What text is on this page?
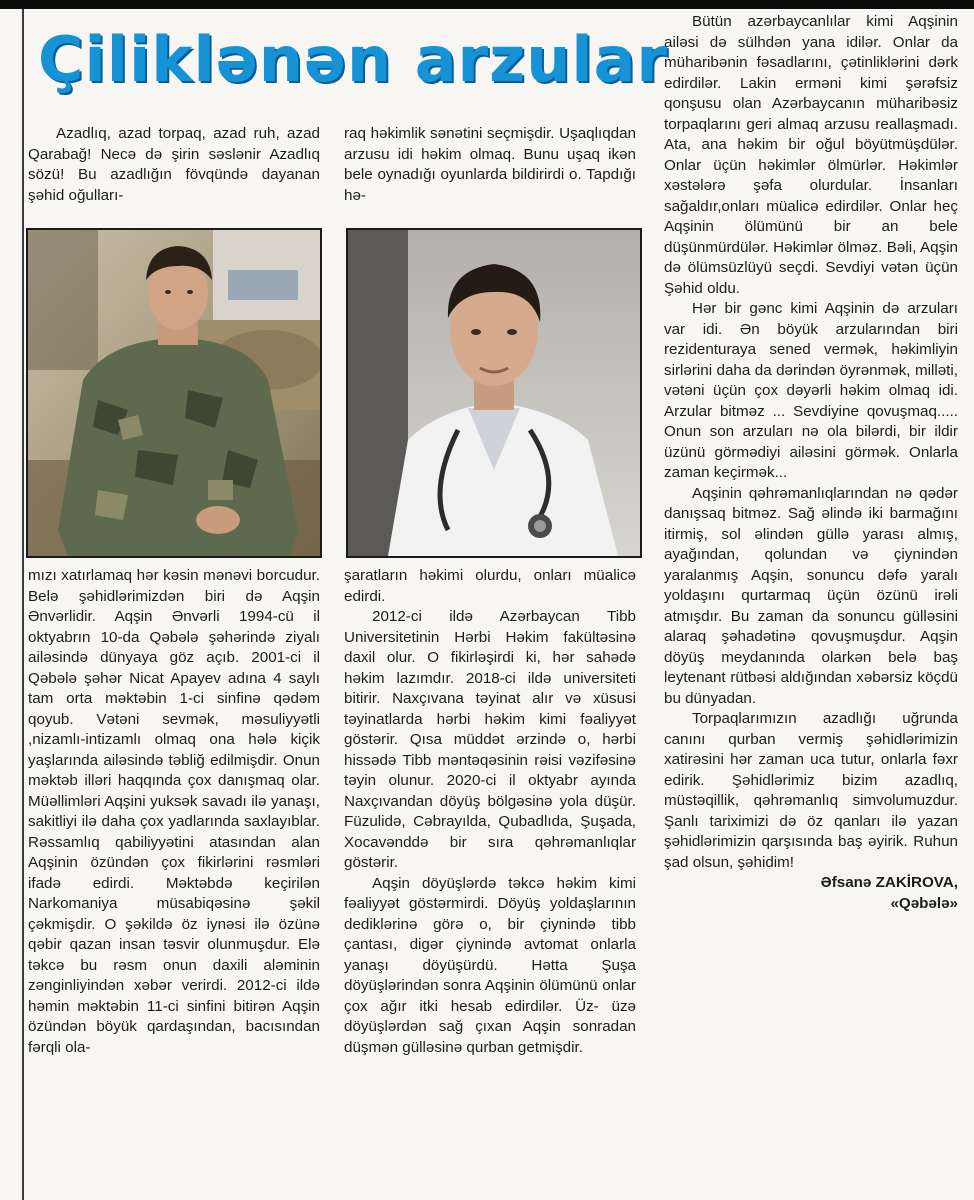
Çiliklənən arzular

Azadlıq, azad torpaq, azad ruh, azad Qarabağ! Necə də şirin səslənir Azadlıq sözü! Bu azadlığın fövqündə dayanan şəhid oğulları-

raq həkimlik sənətini seçmişdir. Uşaqlıqdan arzusu idi həkim olmaq. Bunu uşaq ikən bele oynadığı oyunlarda bildirirdi o. Tapdığı hə-

mızı xatırlamaq hər kəsin mənəvi borcudur. Belə şəhidlərimizdən biri də Aqşin Ənvərlidir. Aqşin Ənvərli 1994-cü il oktyabrın 10-da Qəbələ şəhərində ziyalı ailəsində dünyaya göz açıb. 2001-ci il Qəbələ şəhər Nicat Apayev adına 4 saylı tam orta məktəbin 1-ci sinfinə qədəm qoyub. Vətəni sevmək, məsuliyyətli ,nizamlı-intizamlı olmaq ona hələ kiçik yaşlarında ailəsində təbliğ edilmişdir. Onun məktəb illəri haqqında çox danışmaq olar. Müəllimləri Aqşini yuksək savadı ilə yanaşı, sakitliyi ilə daha çox yadlarında saxlayıblar. Rəssamlıq qabiliyyətini atasından alan Aqşinin özündən çox fikirlərini rəsmləri ifadə edirdi. Məktəbdə keçirilən Narkomaniya müsabiqəsinə şəkil çəkmişdir. O şəkildə öz iynəsi ilə özünə qəbir qazan insan təsvir olunmuşdur. Elə təkcə bu rəsm onun daxili aləminin zənginliyindən xəbər verirdi. 2012-ci ildə həmin məktəbin 11-ci sinfini bitirən Aqşin özündən böyük qardaşından, bacısından fərqli ola-

şaratların həkimi olurdu, onları müalicə edirdi.

2012-ci ildə Azərbaycan Tibb Universitetinin Hərbi Həkim fakültəsinə daxil olur. O fikirləşirdi ki, hər sahədə həkim lazımdır. 2018-ci ildə universiteti bitirir. Naxçıvana təyinat alır və xüsusi təyinatlarda hərbi həkim kimi fəaliyyət göstərir. Qısa müddət ərzində o, hərbi hissədə Tibb məntəqəsinin rəisi vəzifəsinə təyin olunur. 2020-ci il oktyabr ayında Naxçıvandan döyüş bölgəsinə yola düşür. Füzulidə, Cəbrayılda, Qubadlıda, Şuşada, Xocavənddə bir sıra qəhrəmanlıqlar göstərir.

Aqşin döyüşlərdə təkcə həkim kimi fəaliyyət göstərmirdi. Döyüş yoldaşlarının dediklərinə görə o, bir çiynində tibb çantası, digər çiynində avtomat onlarla yanaşı döyüşürdü. Hətta Şuşa döyüşlərindən sonra Aqşinin ölümünü onlar çox ağır itki hesab edirdilər. Üz- üzə döyüşlərdən sağ çıxan Aqşin sonradan düşmən gülləsinə qurban getmişdir.

Bütün azərbaycanlılar kimi Aqşinin ailəsi də sülhdən yana idilər. Onlar da müharibənin fəsadlarını, çətinliklərini dərk edirdilər. Lakin erməni kimi şərəfsiz qonşusu olan Azərbaycanın müharibəsiz torpaqlarını geri almaq arzusu reallaşmadı. Ata, ana həkim bir oğul böyütmüşdülər. Onlar üçün həkimlər ölmürlər. Həkimlər xəstələrə şəfa olurdular. İnsanları sağaldır,onları müalicə edirdilər. Onlar heç Aqşinin ölümünü bir an bele düşünmürdülər. Həkimlər ölməz. Bəli, Aqşin də ölümsüzlüyü seçdi. Sevdiyi vətən üçün Şəhid oldu.

Hər bir gənc kimi Aqşinin də arzuları var idi. Ən böyük arzularından biri rezidenturaya sened vermək, həkimliyin sirlərini daha da dərindən öyrənmək, milləti, vətəni üçün çox dəyərli həkim olmaq idi. Arzular bitməz ... Sevdiyine qovuşmaq..... Onun son arzuları nə ola bilərdi, bir ildir üzünü görmədiyi ailəsini görmək. Onlarla zaman keçirmək...

Aqşinin qəhrəmanlıqlarından nə qədər danışsaq bitməz. Sağ əlində iki barmağını itirmiş, sol əlindən güllə yarası almış, ayağından, qolundan və çiynindən yaralanmış Aqşin, sonuncu dəfə yaralı yoldaşını qurtarmaq üçün özünü irəli atmışdır. Bu zaman da sonuncu gülləsini alaraq şəhadətinə qovuşmuşdur. Aqşin döyüş meydanında olarkən belə baş leytenant rütbəsi aldığından xəbərsiz köçdü bu dünyadan.

Torpaqlarımızın azadlığı uğrunda canını qurban vermiş şəhidlərimizin xatirəsini hər zaman uca tutur, onlarla fəxr edirik. Şəhidlərimiz bizim azadlıq, müstəqillik, qəhrəmanlıq simvolumuzdur. Şanlı tariximizi də öz qanları ilə yazan şəhidlərimizin qarşısında baş əyirik. Ruhun şad olsun, şəhidim!

Əfsanə ZAKİROVA,

«Qəbələ»
